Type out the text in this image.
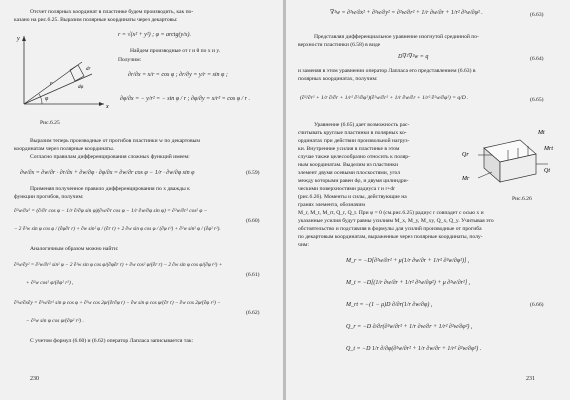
Отсчет полярных координат в пластинке будем производить, как по-
казано на рис.6.25. Выразим полярные координаты через декартовы:
x
y
r
φ
dr
dφ
Рис.6.25
r = √(x² + y²) ; φ = arctg(y/x).
Найдем производные от r и θ по x и y.
Получим:
∂r/∂x = x/r = cos φ ; ∂r/∂y = y/r = sin φ ;
∂φ/∂x = − y/r² = − sin φ / r ; ∂φ/∂y = x/r² = cos φ / r .
Выразим теперь производные от прогибов пластинки w по декартовым
координатам через полярные координаты.
Согласно правилам дифференцирования сложных функций имеем:
∂w/∂x = ∂w/∂r · ∂r/∂x + ∂w/∂φ · ∂φ/∂x = ∂w/∂r cos φ − 1/r · ∂w/∂φ sin φ	(6.59)
Применяя полученное правило дифференцирования по x дважды к
функции прогибов, получим:
∂²w/∂x² = (∂/∂r cos φ − 1/r ∂/∂φ sin φ)(∂w/∂r cos φ − 1/r ∂w/∂φ sin φ) = ∂²w/∂r² cos² φ −
− 2 ∂²w sin φ cos φ / (∂φ∂r r) + ∂w sin² φ / (∂r r) + 2 ∂w sin φ cos φ / (∂φ r²) + ∂²w sin² φ / (∂φ² r²).
(6.60)
Аналогичным образом можно найти:
∂²w/∂y² = ∂²w/∂r² sin² φ − 2 ∂²w sin φ cos φ/(∂φ∂r r) + ∂w cos² φ/(∂r r) − 2 ∂w sin φ cos φ/(∂φ r²) +
+ ∂²w cos² φ/(∂φ² r²) ,
(6.61)
∂²w/∂x∂y = ∂²w/∂r² sin φ cos φ + ∂²w cos 2φ/(∂r∂φ r) − ∂w sin φ cos φ/(∂r r) − ∂w cos 2φ/(∂φ r²) −
− ∂²w sin φ cos φ/(∂φ² r²) .
(6.62)
С учетом формул (6.60) и (6.62) оператор Лапласа записывается так:
230
∇²w = ∂²w/∂x² + ∂²w/∂y² = ∂²w/∂r² + 1/r ∂w/∂r + 1/r² ∂²w/∂φ² .	(6.63)
Представляя дифференциальное уравнение изогнутой срединной по-
верхности пластинки (6.58) в виде
D∇²∇²w = q	(6.64)
и заменяя в этом уравнении оператор Лапласа его представлением (6.63) в
полярных координатах, получим:
(∂²/∂r² + 1/r ∂/∂r + 1/r² ∂²/∂φ²)(∂²w/∂r² + 1/r ∂w/∂r + 1/r² ∂²w/∂φ²) = q/D .	(6.65)
Уравнение (6.65) дает возможность рас-
считывать круглые пластинки в полярных ко-
ординатах при действии произвольной нагруз-
ки. Внутренние усилия в пластинке в этом
случае также целесообразно относить к поляр-
ным координатам. Выделим из пластинки
элемент двумя осевыми плоскостями, угол
между которыми равен dφ, и двумя цилиндри-
ческими поверхностями радиуса r и r+dr
(рис.6.26). Моменты и силы, действующие на
гранях элемента, обозначим
M_r, M_t, M_rt, Q_r, Q_t. При φ = 0 (см.рис.6.25) радиус r совпадет с осью x и
указанные усилия будут равны усилиям M_x, M_y, M_xy, Q_x, Q_y. Учитывая это
обстоятельство и подставляя в формулы для усилий производные от прогиба
по декартовым координатам, выраженные через полярные координаты, полу-
чим:
Mt
Mrt
Qr
Mr
Qt
Рис.6.26
M_r = −D[∂²w/∂r² + μ(1/r ∂w/∂r + 1/r² ∂²w/∂φ²)] ,
M_t = −D[(1/r ∂w/∂r + 1/r² ∂²w/∂φ²) + μ ∂²w/∂r²] ,
M_rt = −(1 − μ)D ∂/∂r(1/r ∂w/∂φ) ,
Q_r = −D ∂/∂r(∂²w/∂r² + 1/r ∂w/∂r + 1/r² ∂²w/∂φ²) ,
Q_t = −D 1/r ∂/∂φ(∂²w/∂r² + 1/r ∂w/∂r + 1/r² ∂²w/∂φ²) .
(6.66)
231
